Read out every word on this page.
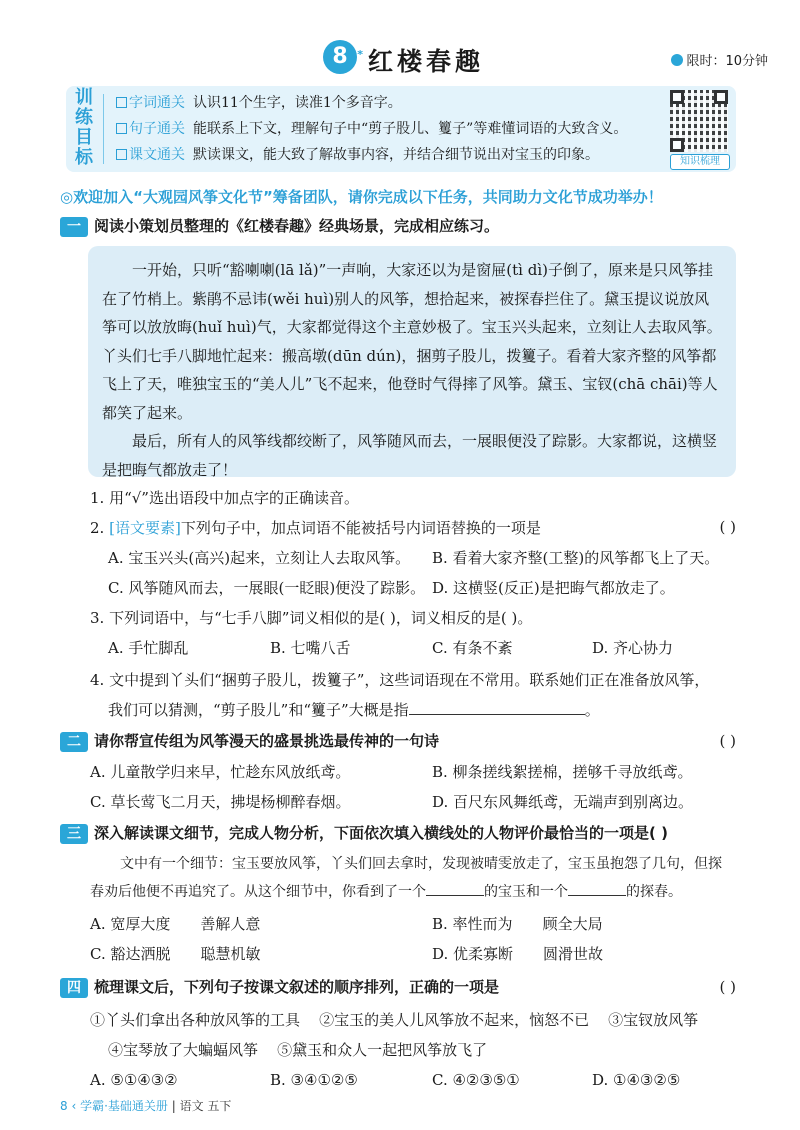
8 * 红楼春趣	限时：10分钟
训练目标
字词通关 认识11个生字，读准1个多音字。
句子通关 能联系上下文，理解句子中“剪子股儿、籰子”等难懂词语的大致含义。
课文通关 默读课文，能大致了解故事内容，并结合细节说出对宝玉的印象。	知识梳理
◎欢迎加入“大观园风筝文化节”筹备团队，请你完成以下任务，共同助力文化节成功举办！
一 阅读小策划员整理的《红楼春趣》经典场景，完成相应练习。

一开始，只听“豁喇喇(lā lǎ)”一声响，大家还以为是窗屉(tì dì)子倒了，原来是只风筝挂在了竹梢上。紫鹃不忌讳(wěi huì)别人的风筝，想拾起来，被探春拦住了。黛玉提议说放风筝可以放放晦(huǐ huì)气，大家都觉得这个主意妙极了。宝玉兴头起来，立刻让人去取风筝。丫头们七手八脚地忙起来：搬高墩(dūn dún)，捆剪子股儿，拨籰子。看着大家齐整的风筝都飞上了天，唯独宝玉的“美人儿”飞不起来，他登时气得摔了风筝。黛玉、宝钗(chā chāi)等人都笑了起来。

最后，所有人的风筝线都绞断了，风筝随风而去，一展眼便没了踪影。大家都说，这横竖是把晦气都放走了！

1. 用“√”选出语段中加点字的正确读音。
2. [语文要素]下列句子中，加点词语不能被括号内词语替换的一项是	( )
A. 宝玉兴头(高兴)起来，立刻让人去取风筝。 B. 看着大家齐整(工整)的风筝都飞上了天。
C. 风筝随风而去，一展眼(一眨眼)便没了踪影。 D. 这横竖(反正)是把晦气都放走了。
3. 下列词语中，与“七手八脚”词义相似的是( )，词义相反的是( )。
A. 手忙脚乱	B. 七嘴八舌	C. 有条不紊	D. 齐心协力
4. 文中提到丫头们“捆剪子股儿，拨籰子”，这些词语现在不常用。联系她们正在准备放风筝，
我们可以猜测，“剪子股儿”和“籰子”大概是指	。
二 请你帮宣传组为风筝漫天的盛景挑选最传神的一句诗	( )
A. 儿童散学归来早，忙趁东风放纸鸢。	B. 柳条搓线絮搓棉，搓够千寻放纸鸢。
C. 草长莺飞二月天，拂堤杨柳醉春烟。	D. 百尺东风舞纸鸢，无端声到别离边。
三 深入解读课文细节，完成人物分析，下面依次填入横线处的人物评价最恰当的一项是( )
文中有一个细节：宝玉要放风筝，丫头们回去拿时，发现被晴雯放走了，宝玉虽抱怨了几句，但探
春劝后他便不再追究了。从这个细节中，你看到了一个	的宝玉和一个	的探春。
A. 宽厚大度 善解人意	B. 率性而为 顾全大局
C. 豁达洒脱 聪慧机敏	D. 优柔寡断 圆滑世故
四 梳理课文后，下列句子按课文叙述的顺序排列，正确的一项是	( )
①丫头们拿出各种放风筝的工具    ②宝玉的美人儿风筝放不起来，恼怒不已    ③宝钗放风筝
④宝琴放了大蝙蝠风筝    ⑤黛玉和众人一起把风筝放飞了
A. ⑤①④③②	B. ③④①②⑤	C. ④②③⑤①	D. ①④③②⑤
8 ‹ 学霸·基础通关册 | 语文 五下
